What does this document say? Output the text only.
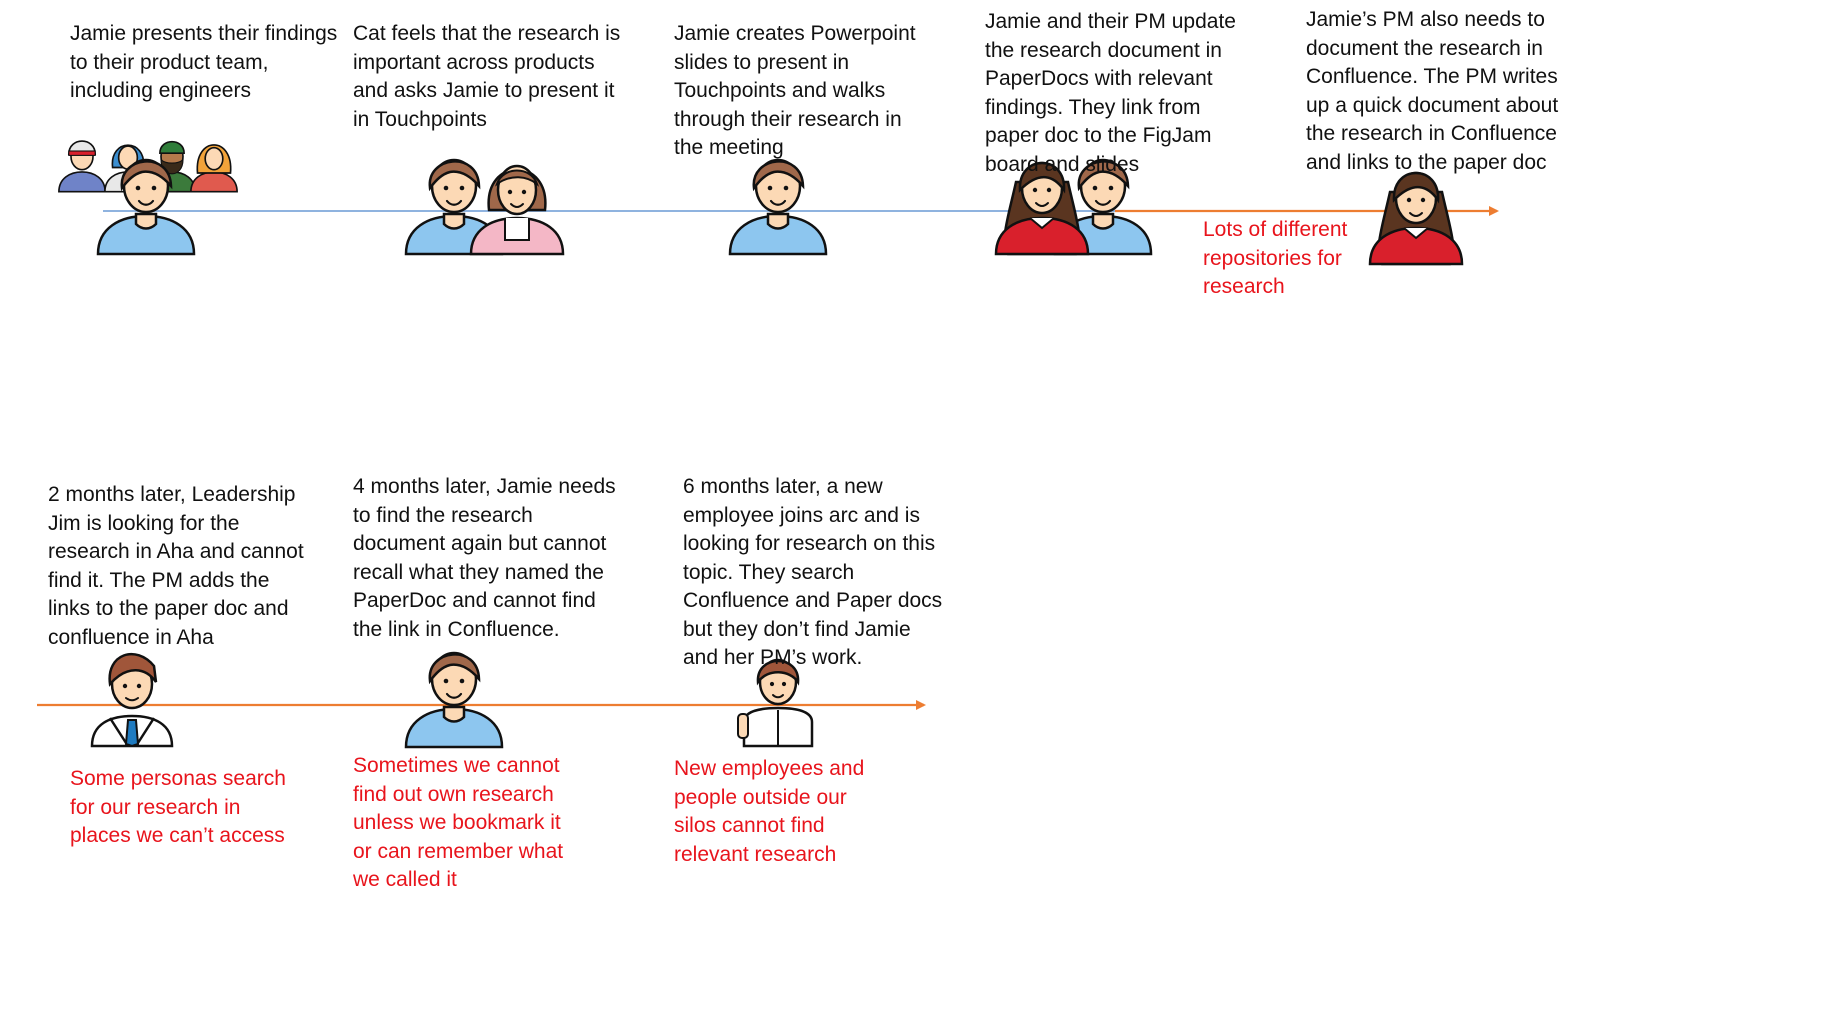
Jamie presents their findings
to their product team,
including engineers
Cat feels that the research is
important across products
and asks Jamie to present it
in Touchpoints
Jamie creates Powerpoint
slides to present in
Touchpoints and walks
through their research in
the meeting
Jamie and their PM update
the research document in
PaperDocs with relevant
findings. They link from
paper doc to the FigJam
board and slides
Jamie’s PM also needs to
document the research in
Confluence. The PM writes
up a quick document about
the research in Confluence
and links to the paper doc
Lots of different
repositories for
research
2 months later, Leadership
Jim is looking for the
research in Aha and cannot
find it. The PM adds the
links to the paper doc and
confluence in Aha
4 months later, Jamie needs
to find the research
document again but cannot
recall what they named the
PaperDoc and cannot find
the link in Confluence.
6 months later, a new
employee joins arc and is
looking for research on this
topic. They search
Confluence and Paper docs
but they don’t find Jamie
and her PM’s work.
Some personas search
for our research in
places we can’t access
Sometimes we cannot
find out own research
unless we bookmark it
or can remember what
we called it
New employees and
people outside our
silos cannot find
relevant research
